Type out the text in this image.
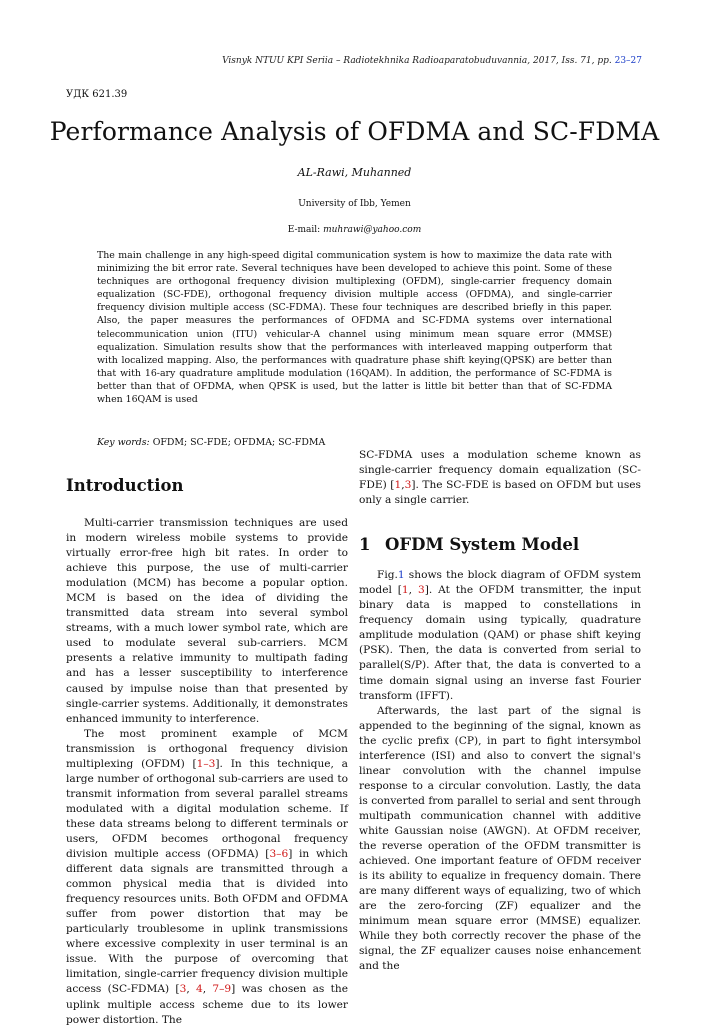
Visnyk NTUU KPI Seriia – Radiotekhnika Radioaparatobuduvannia, 2017, Iss. 71, pp. 23–27
УДК 621.39
Performance Analysis of OFDMA and SC-FDMA
AL-Rawi, Muhanned
University of Ibb, Yemen
E-mail: muhrawi@yahoo.com
The main challenge in any high-speed digital communication system is how to maximize the data rate with minimizing the bit error rate. Several techniques have been developed to achieve this point. Some of these techniques are orthogonal frequency division multiplexing (OFDM), single-carrier frequency domain equalization (SC-FDE), orthogonal frequency division multiple access (OFDMA), and single-carrier frequency division multiple access (SC-FDMA). These four techniques are described briefly in this paper. Also, the paper measures the performances of OFDMA and SC-FDMA systems over international telecommunication union (ITU) vehicular-A channel using minimum mean square error (MMSE) equalization. Simulation results show that the performances with interleaved mapping outperform that with localized mapping. Also, the performances with quadrature phase shift keying(QPSK) are better than that with 16-ary quadrature amplitude modulation (16QAM). In addition, the performance of SC-FDMA is better than that of OFDMA, when QPSK is used, but the latter is little bit better than that of SC-FDMA when 16QAM is used
Key words: OFDM; SC-FDE; OFDMA; SC-FDMA
Introduction

Multi-carrier transmission techniques are used in modern wireless mobile systems to provide virtually error-free high bit rates. In order to achieve this purpose, the use of multi-carrier modulation (MCM) has become a popular option. MCM is based on the idea of dividing the transmitted data stream into several symbol streams, with a much lower symbol rate, which are used to modulate several sub-carriers. MCM presents a relative immunity to multipath fading and has a lesser susceptibility to interference caused by impulse noise than that presented by single-carrier systems. Additionally, it demonstrates enhanced immunity to interference.

The most prominent example of MCM transmission is orthogonal frequency division multiplexing (OFDM) [1–3]. In this technique, a large number of orthogonal sub-carriers are used to transmit information from several parallel streams modulated with a digital modulation scheme. If these data streams belong to different terminals or users, OFDM becomes orthogonal frequency division multiple access (OFDMA) [3–6] in which different data signals are transmitted through a common physical media that is divided into frequency resources units. Both OFDM and OFDMA suffer from power distortion that may be particularly troublesome in uplink transmissions where excessive complexity in user terminal is an issue. With the purpose of overcoming that limitation, single-carrier frequency division multiple access (SC-FDMA) [3, 4, 7–9] was chosen as the uplink multiple access scheme due to its lower power distortion. The

SC-FDMA uses a modulation scheme known as single-carrier frequency domain equalization (SC-FDE) [1,3]. The SC-FDE is based on OFDM but uses only a single carrier.

1 OFDM System Model

Fig.1 shows the block diagram of OFDM system model [1, 3]. At the OFDM transmitter, the input binary data is mapped to constellations in frequency domain using typically, quadrature amplitude modulation (QAM) or phase shift keying (PSK). Then, the data is converted from serial to parallel(S/P). After that, the data is converted to a time domain signal using an inverse fast Fourier transform (IFFT).

Afterwards, the last part of the signal is appended to the beginning of the signal, known as the cyclic prefix (CP), in part to fight intersymbol interference (ISI) and also to convert the signal's linear convolution with the channel impulse response to a circular convolution. Lastly, the data is converted from parallel to serial and sent through multipath communication channel with additive white Gaussian noise (AWGN). At OFDM receiver, the reverse operation of the OFDM transmitter is achieved. One important feature of OFDM receiver is its ability to equalize in frequency domain. There are many different ways of equalizing, two of which are the zero-forcing (ZF) equalizer and the minimum mean square error (MMSE) equalizer. While they both correctly recover the phase of the signal, the ZF equalizer causes noise enhancement and the
